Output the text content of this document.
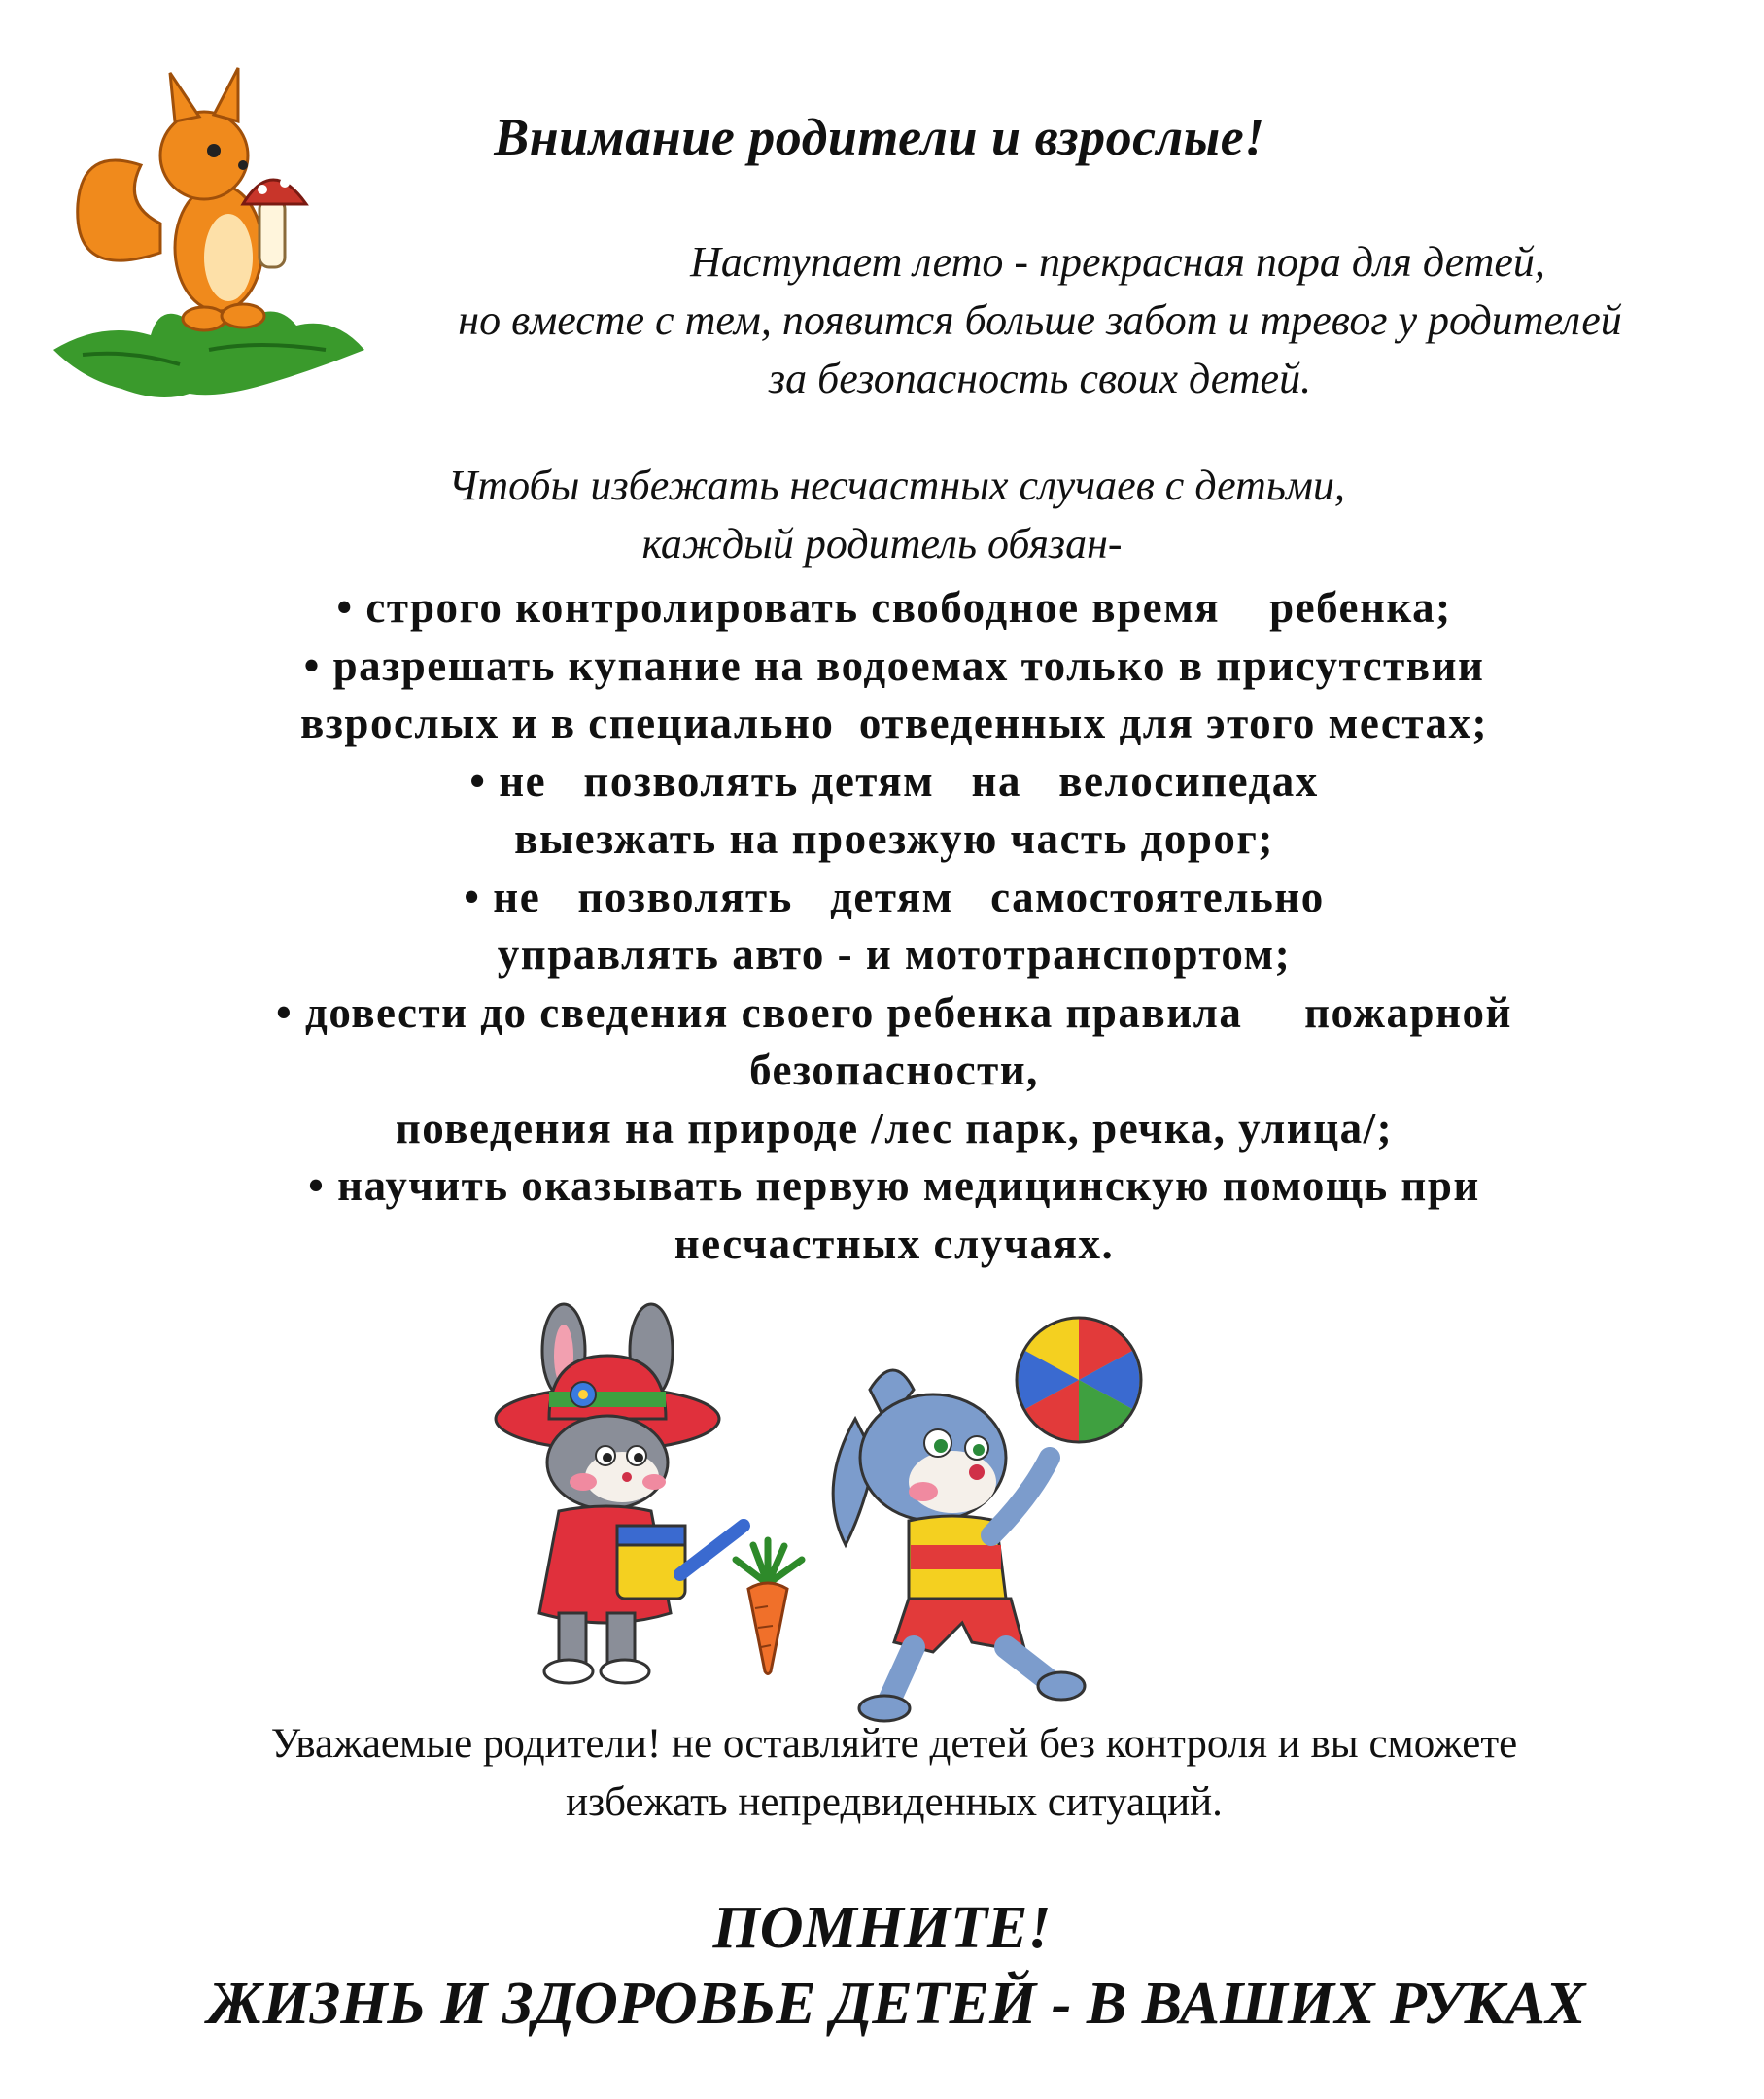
Внимание родители и взрослые!
Наступает лето - прекрасная пора для детей,
но вместе с тем, появится больше забот и тревог у родителей
за безопасность своих детей.
Чтобы избежать несчастных случаев с детьми,
каждый родитель обязан-
• строго контролировать свободное время    ребенка;
• разрешать купание на водоемах только в присутствии
взрослых и в специально  отведенных для этого местах;
• не   позволять детям   на   велосипедах
выезжать на проезжую часть дорог;
• не   позволять   детям   самостоятельно
управлять авто - и мототранспортом;
• довести до сведения своего ребенка правила     пожарной
безопасности,
поведения на природе /лес парк, речка, улица/;
• научить оказывать первую медицинскую помощь при
несчастных случаях.
Уважаемые родители! не оставляйте детей без контроля и вы сможете
избежать непредвиденных ситуаций.
ПОМНИТЕ!
ЖИЗНЬ И ЗДОРОВЬЕ ДЕТЕЙ - В ВАШИХ РУКАХ
